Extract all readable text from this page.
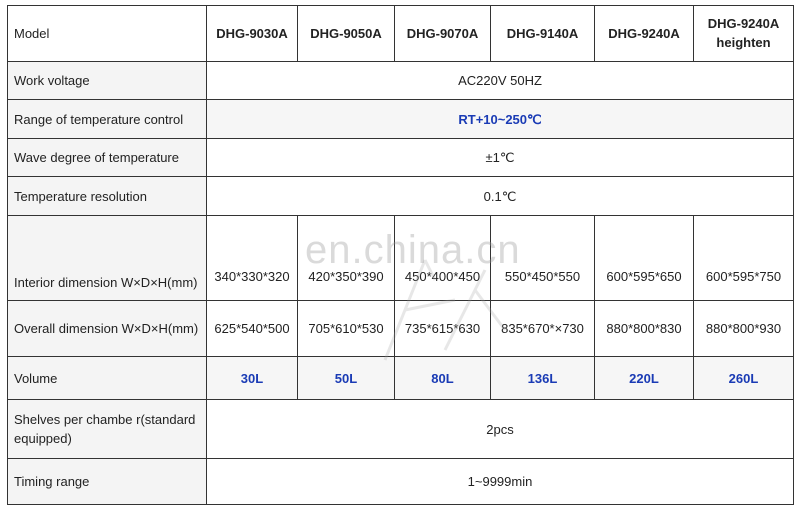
Model	DHG-9030A	DHG-9050A	DHG-9070A	DHG-9140A	DHG-9240A	DHG-9240A heighten
Work voltage	AC220V 50HZ					
Range of temperature control	RT+10~250℃					
Wave degree of temperature	±1℃					
Temperature resolution	0.1℃					
Interior dimension W×D×H(mm)	340*330*320	420*350*390	450*400*450	550*450*550	600*595*650	600*595*750
Overall dimension W×D×H(mm)	625*540*500	705*610*530	735*615*630	835*670*×730	880*800*830	880*800*930
Volume	30L	50L	80L	136L	220L	260L
Shelves per chambe r(standard equipped)	2pcs					
Timing range	1~9999min					
en.china.cn
